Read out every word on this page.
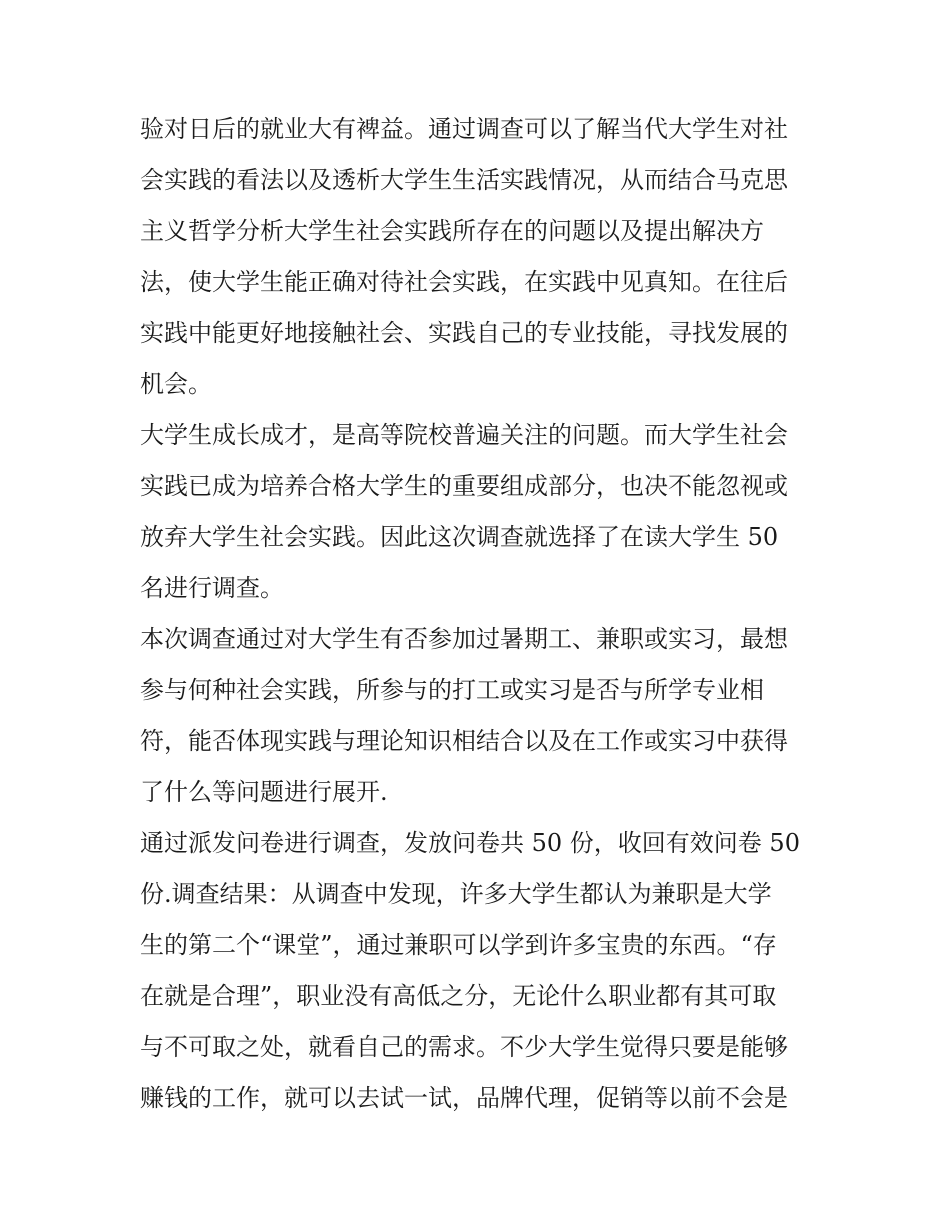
验对日后的就业大有裨益。通过调查可以了解当代大学生对社
会实践的看法以及透析大学生生活实践情况，从而结合马克思
主义哲学分析大学生社会实践所存在的问题以及提出解决方
法，使大学生能正确对待社会实践，在实践中见真知。在往后
实践中能更好地接触社会、实践自己的专业技能，寻找发展的
机会。
大学生成长成才，是高等院校普遍关注的问题。而大学生社会
实践已成为培养合格大学生的重要组成部分，也决不能忽视或
放弃大学生社会实践。因此这次调查就选择了在读大学生 50
名进行调查。
本次调查通过对大学生有否参加过暑期工、兼职或实习，最想
参与何种社会实践，所参与的打工或实习是否与所学专业相
符，能否体现实践与理论知识相结合以及在工作或实习中获得
了什么等问题进行展开.
通过派发问卷进行调查，发放问卷共 50 份，收回有效问卷 50
份.调查结果：从调查中发现，许多大学生都认为兼职是大学
生的第二个“课堂”，通过兼职可以学到许多宝贵的东西。“存
在就是合理”，职业没有高低之分，无论什么职业都有其可取
与不可取之处，就看自己的需求。不少大学生觉得只要是能够
赚钱的工作，就可以去试一试，品牌代理，促销等以前不会是
